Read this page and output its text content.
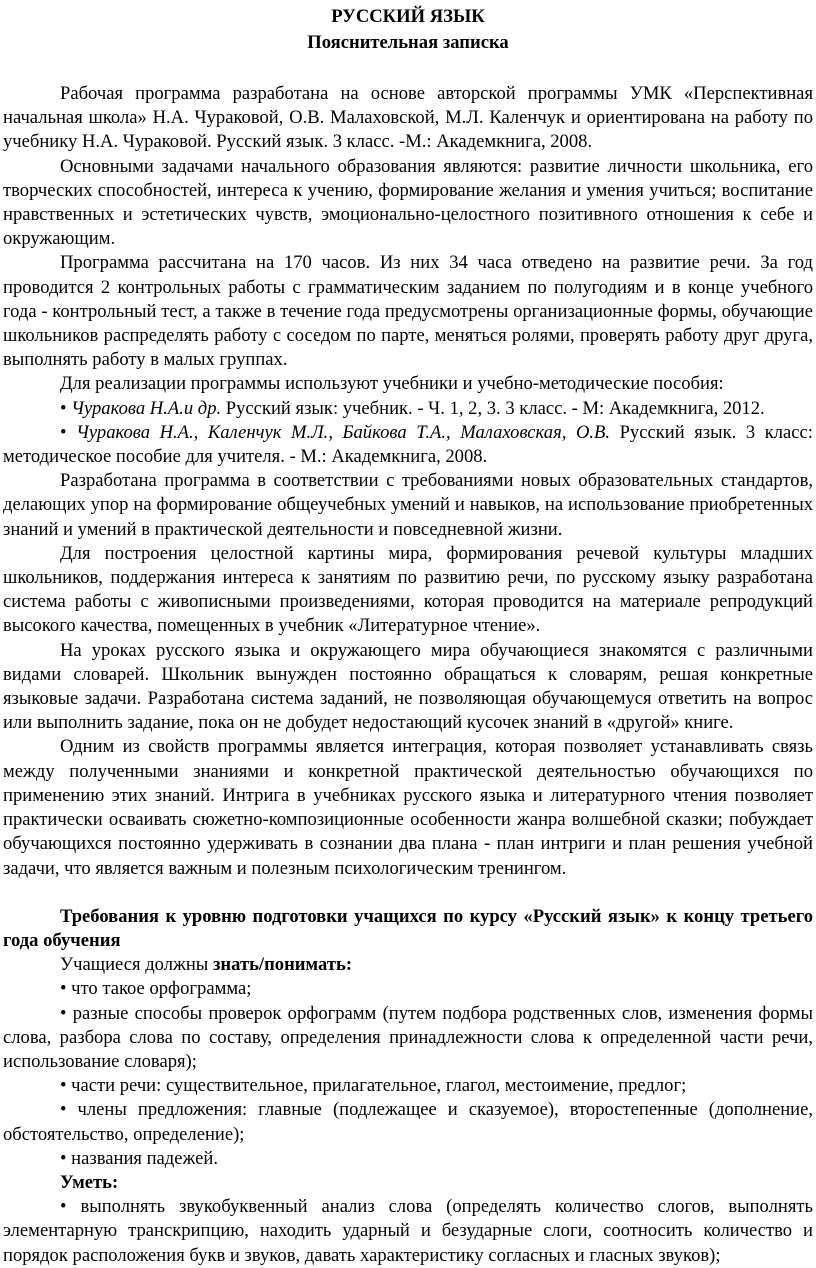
РУССКИЙ ЯЗЫК
Пояснительная записка

Рабочая программа разработана на основе авторской программы УМК «Перспективная начальная школа» Н.А. Чураковой, О.В. Малаховской, М.Л. Каленчук и ориентирована на работу по учебнику Н.А. Чураковой. Русский язык. 3 класс. -М.: Академкнига, 2008.

Основными задачами начального образования являются: развитие личности школьника, его творческих способностей, интереса к учению, формирование желания и умения учиться; воспитание нравственных и эстетических чувств, эмоционально-целостного позитивного отношения к себе и окружающим.

Программа рассчитана на 170 часов. Из них 34 часа отведено на развитие речи. За год проводится 2 контрольных работы с грамматическим заданием по полугодиям и в конце учебного года - контрольный тест, а также в течение года предусмотрены организационные формы, обучающие школьников распределять работу с соседом по парте, меняться ролями, проверять работу друг друга, выполнять работу в малых группах.

Для реализации программы используют учебники и учебно-методические пособия:

• Чуракова Н.А.и др. Русский язык: учебник. - Ч. 1, 2, 3. 3 класс. - М: Академкнига, 2012.

• Чуракова Н.А., Каленчук М.Л., Байкова Т.А., Малаховская, О.В. Русский язык. 3 класс: методическое пособие для учителя. - М.: Академкнига, 2008.

Разработана программа в соответствии с требованиями новых образовательных стандартов, делающих упор на формирование общеучебных умений и навыков, на использование приобретенных знаний и умений в практической деятельности и повседневной жизни.

Для построения целостной картины мира, формирования речевой культуры младших школьников, поддержания интереса к занятиям по развитию речи, по русскому языку разработана система работы с живописными произведениями, которая проводится на материале репродукций высокого качества, помещенных в учебник «Литературное чтение».

На уроках русского языка и окружающего мира обучающиеся знакомятся с различными видами словарей. Школьник вынужден постоянно обращаться к словарям, решая конкретные языковые задачи. Разработана система заданий, не позволяющая обучающемуся ответить на вопрос или выполнить задание, пока он не добудет недостающий кусочек знаний в «другой» книге.

Одним из свойств программы является интеграция, которая позволяет устанавливать связь между полученными знаниями и конкретной практической деятельностью обучающихся по применению этих знаний. Интрига в учебниках русского языка и литературного чтения позволяет практически осваивать сюжетно-композиционные особенности жанра волшебной сказки; побуждает обучающихся постоянно удерживать в сознании два плана - план интриги и план решения учебной задачи, что является важным и полезным психологическим тренингом.

Требования к уровню подготовки учащихся по курсу «Русский язык» к концу третьего года обучения

Учащиеся должны знать/понимать:

• что такое орфограмма;

• разные способы проверок орфограмм (путем подбора родственных слов, изменения формы слова, разбора слова по составу, определения принадлежности слова к определенной части речи, использование словаря);

• части речи: существительное, прилагательное, глагол, местоимение, предлог;

• члены предложения: главные (подлежащее и сказуемое), второстепенные (дополнение, обстоятельство, определение);

• названия падежей.

Уметь:

• выполнять звукобуквенный анализ слова (определять количество слогов, выполнять элементарную транскрипцию, находить ударный и безударные слоги, соотносить количество и порядок расположения букв и звуков, давать характеристику согласных и гласных звуков);
